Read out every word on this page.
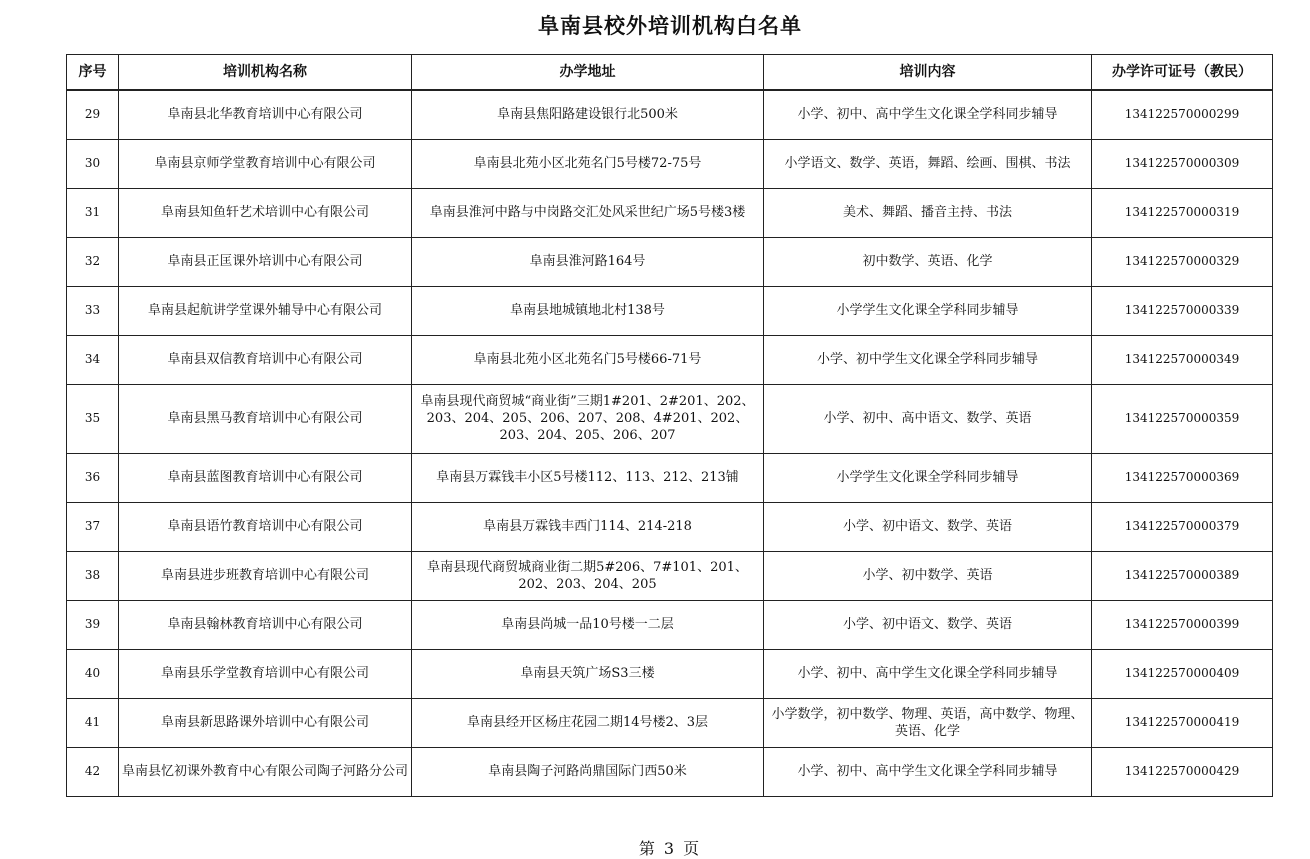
阜南县校外培训机构白名单
序号	培训机构名称	办学地址	培训内容	办学许可证号（教民）
29	阜南县北华教育培训中心有限公司	阜南县焦阳路建设银行北500米	小学、初中、高中学生文化课全学科同步辅导	134122570000299
30	阜南县京师学堂教育培训中心有限公司	阜南县北苑小区北苑名门5号楼72-75号	小学语文、数学、英语，舞蹈、绘画、围棋、书法	134122570000309
31	阜南县知鱼轩艺术培训中心有限公司	阜南县淮河中路与中岗路交汇处风采世纪广场5号楼3楼	美术、舞蹈、播音主持、书法	134122570000319
32	阜南县正匡课外培训中心有限公司	阜南县淮河路164号	初中数学、英语、化学	134122570000329
33	阜南县起航讲学堂课外辅导中心有限公司	阜南县地城镇地北村138号	小学学生文化课全学科同步辅导	134122570000339
34	阜南县双信教育培训中心有限公司	阜南县北苑小区北苑名门5号楼66-71号	小学、初中学生文化课全学科同步辅导	134122570000349
35	阜南县黑马教育培训中心有限公司	阜南县现代商贸城“商业街”三期1#201、2#201、202、203、204、205、206、207、208、4#201、202、203、204、205、206、207	小学、初中、高中语文、数学、英语	134122570000359
36	阜南县蓝图教育培训中心有限公司	阜南县万霖钱丰小区5号楼112、113、212、213铺	小学学生文化课全学科同步辅导	134122570000369
37	阜南县语竹教育培训中心有限公司	阜南县万霖钱丰西门114、214-218	小学、初中语文、数学、英语	134122570000379
38	阜南县进步班教育培训中心有限公司	阜南县现代商贸城商业街二期5#206、7#101、201、202、203、204、205	小学、初中数学、英语	134122570000389
39	阜南县翰林教育培训中心有限公司	阜南县尚城一品10号楼一二层	小学、初中语文、数学、英语	134122570000399
40	阜南县乐学堂教育培训中心有限公司	阜南县天筑广场S3三楼	小学、初中、高中学生文化课全学科同步辅导	134122570000409
41	阜南县新思路课外培训中心有限公司	阜南县经开区杨庄花园二期14号楼2、3层	小学数学，初中数学、物理、英语，高中数学、物理、英语、化学	134122570000419
42	阜南县忆初课外教育中心有限公司陶子河路分公司	阜南县陶子河路尚鼎国际门西50米	小学、初中、高中学生文化课全学科同步辅导	134122570000429
第 3 页
